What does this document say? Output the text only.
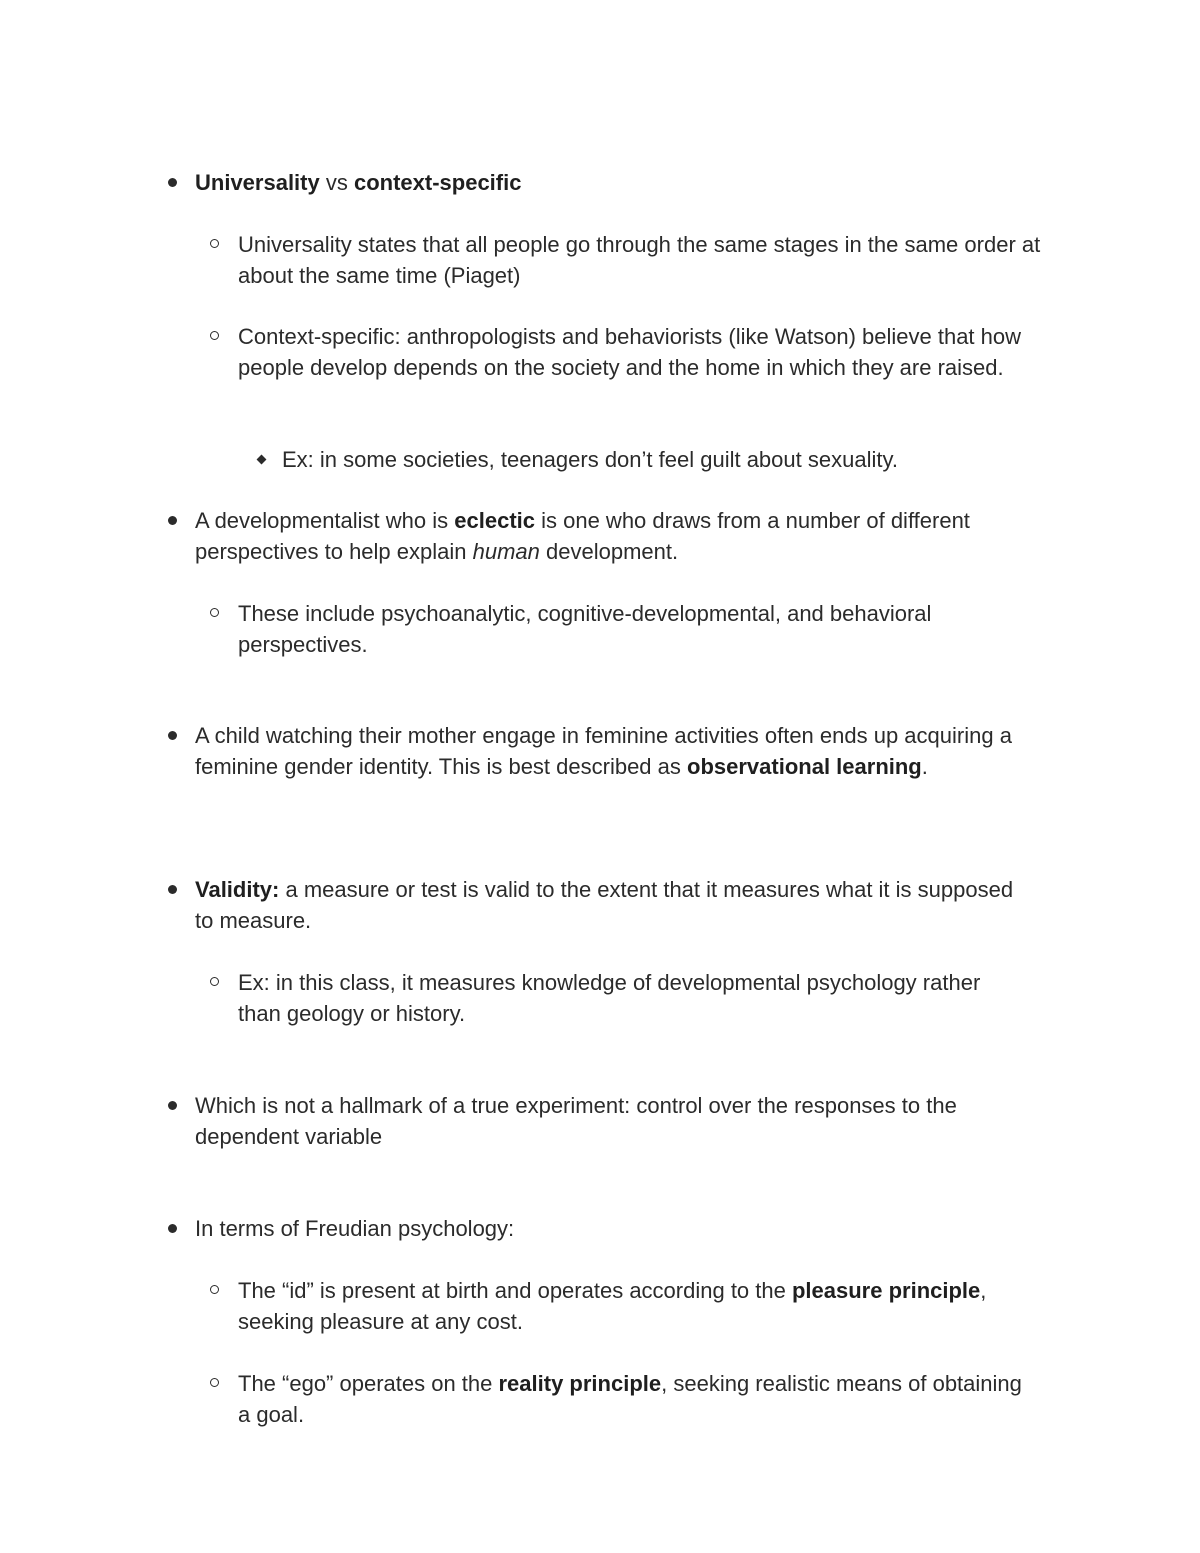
Universality vs context-specific

Universality states that all people go through the same stages in the same order at about the same time (Piaget)

Context-specific: anthropologists and behaviorists (like Watson) believe that how people develop depends on the society and the home in which they are raised.

Ex: in some societies, teenagers don’t feel guilt about sexuality.

A developmentalist who is eclectic is one who draws from a number of different perspectives to help explain human development.

These include psychoanalytic, cognitive-developmental, and behavioral perspectives.

A child watching their mother engage in feminine activities often ends up acquiring a feminine gender identity. This is best described as observational learning.

Validity: a measure or test is valid to the extent that it measures what it is supposed to measure.

Ex: in this class, it measures knowledge of developmental psychology rather than geology or history.

Which is not a hallmark of a true experiment: control over the responses to the dependent variable

In terms of Freudian psychology:

The “id” is present at birth and operates according to the pleasure principle, seeking pleasure at any cost.

The “ego” operates on the reality principle, seeking realistic means of obtaining a goal.
